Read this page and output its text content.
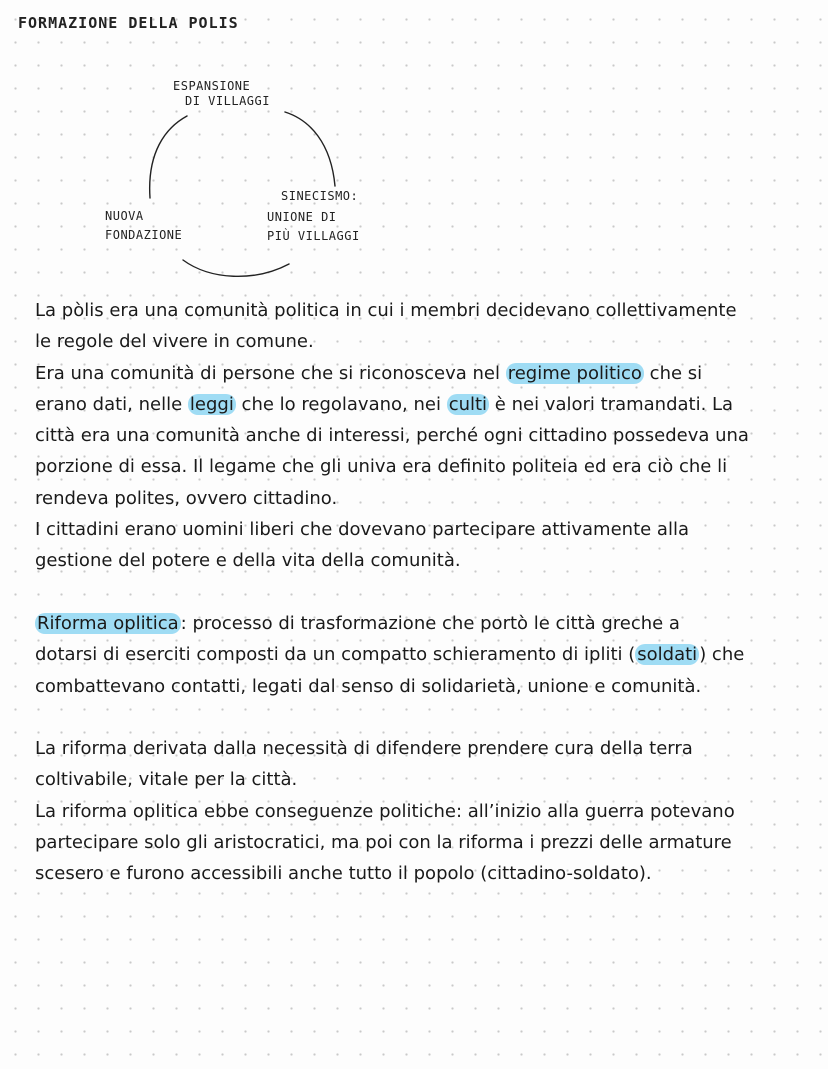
FORMAZIONE DELLA POLIS

ESPANSIONE
DI VILLAGGI

SINECISMO:
UNIONE DI
PIÙ VILLAGGI

NUOVA
FONDAZIONE

La pòlis era una comunità politica in cui i membri decidevano collettivamente

le regole del vivere in comune.

Era una comunità di persone che si riconosceva nel regime politico che si

erano dati, nelle leggi che lo regolavano, nei culti è nei valori tramandati. La

città era una comunità anche di interessi, perché ogni cittadino possedeva una

porzione di essa. Il legame che gli univa era definito politeia ed era ciò che li

rendeva polites, ovvero cittadino.

I cittadini erano uomini liberi che dovevano partecipare attivamente alla

gestione del potere e della vita della comunità.

Riforma oplitica : processo di trasformazione che portò le città greche a

dotarsi di eserciti composti da un compatto schieramento di ipliti ( soldati ) che

combattevano contatti, legati dal senso di solidarietà, unione e comunità.

La riforma derivata dalla necessità di difendere prendere cura della terra

coltivabile, vitale per la città.

La riforma oplitica ebbe conseguenze politiche: all’inizio alla guerra potevano

partecipare solo gli aristocratici, ma poi con la riforma i prezzi delle armature

scesero e furono accessibili anche tutto il popolo (cittadino-soldato).
